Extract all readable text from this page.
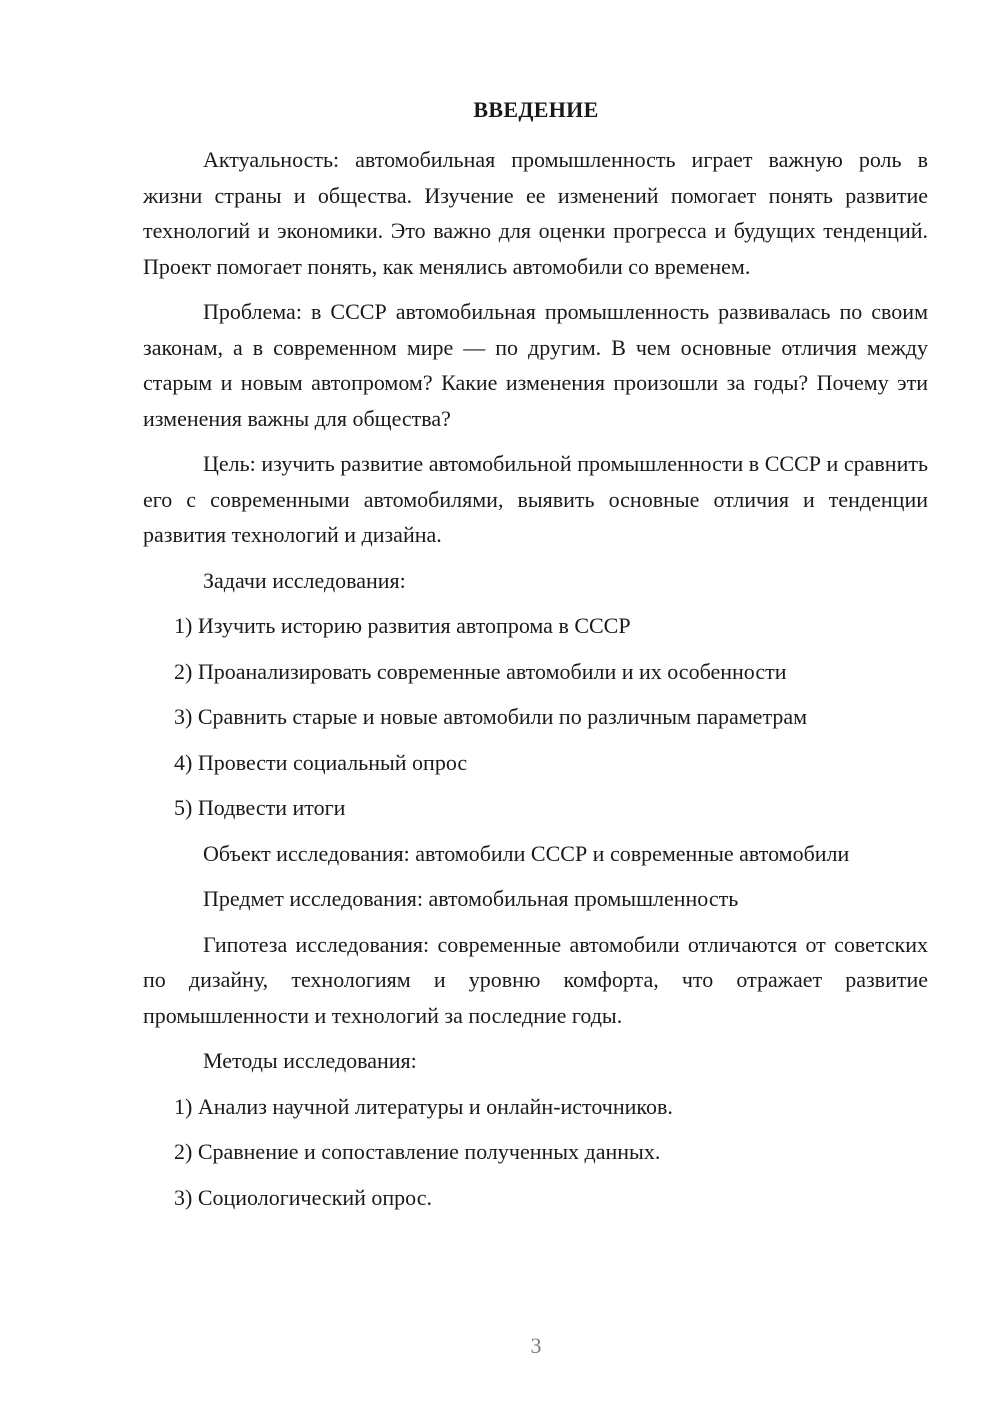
ВВЕДЕНИЕ

Актуальность: автомобильная промышленность играет важную роль в жизни страны и общества. Изучение ее изменений помогает понять развитие технологий и экономики. Это важно для оценки прогресса и будущих тенденций. Проект помогает понять, как менялись автомобили со временем.

Проблема: в СССР автомобильная промышленность развивалась по своим законам, а в современном мире — по другим. В чем основные отличия между старым и новым автопромом? Какие изменения произошли за годы? Почему эти изменения важны для общества?

Цель: изучить развитие автомобильной промышленности в СССР и сравнить его с современными автомобилями, выявить основные отличия и тенденции развития технологий и дизайна.

Задачи исследования:

1) Изучить историю развития автопрома в СССР

2) Проанализировать современные автомобили и их особенности

3) Сравнить старые и новые автомобили по различным параметрам

4) Провести социальный опрос

5) Подвести итоги

Объект исследования: автомобили СССР и современные автомобили

Предмет исследования: автомобильная промышленность

Гипотеза исследования: современные автомобили отличаются от советских по дизайну, технологиям и уровню комфорта, что отражает развитие промышленности и технологий за последние годы.

Методы исследования:

1) Анализ научной литературы и онлайн-источников.

2) Сравнение и сопоставление полученных данных.

3) Социологический опрос.

3
